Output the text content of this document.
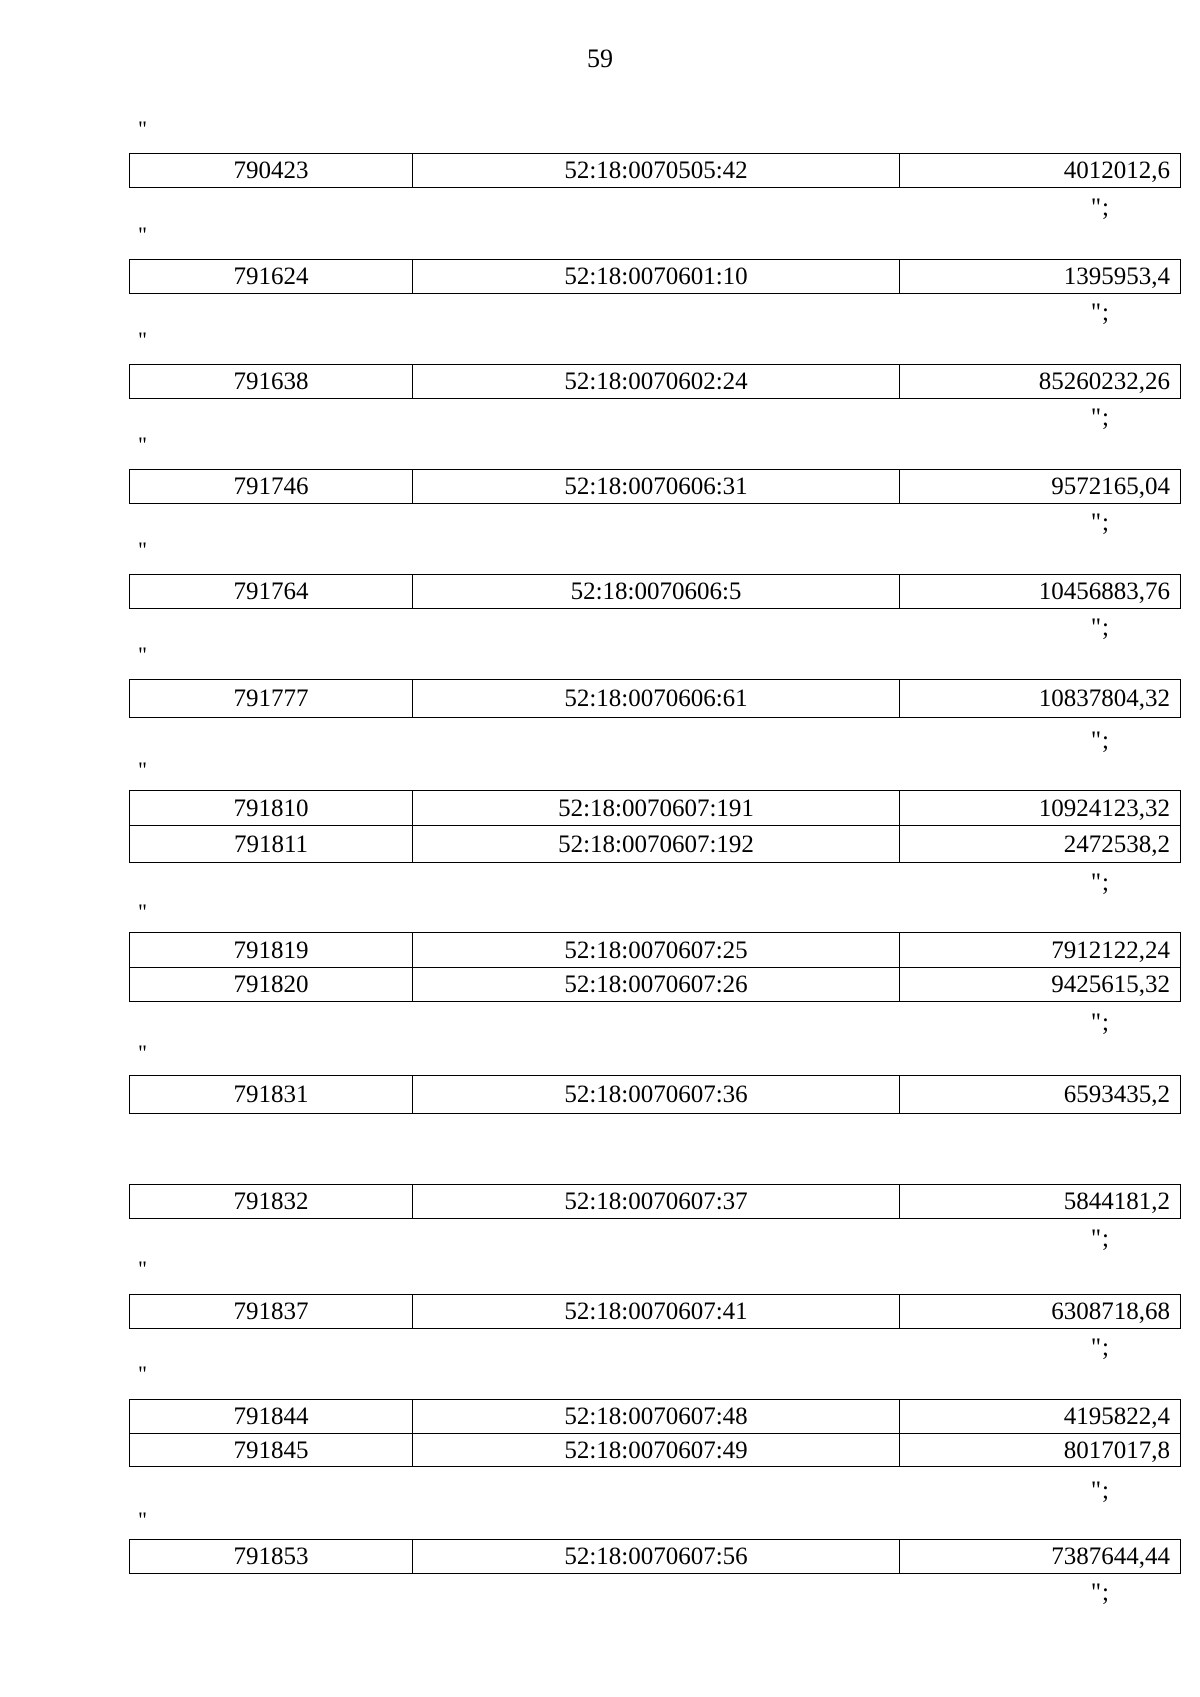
59
"
790423	52:18:0070505:42	4012012,6
";
"
791624	52:18:0070601:10	1395953,4
";
"
791638	52:18:0070602:24	85260232,26
";
"
791746	52:18:0070606:31	9572165,04
";
"
791764	52:18:0070606:5	10456883,76
";
"
791777	52:18:0070606:61	10837804,32
";
"
791810	52:18:0070607:191	10924123,32
791811	52:18:0070607:192	2472538,2
";
"
791819	52:18:0070607:25	7912122,24
791820	52:18:0070607:26	9425615,32
";
"
791831	52:18:0070607:36	6593435,2
791832	52:18:0070607:37	5844181,2
";
"
791837	52:18:0070607:41	6308718,68
";
"
791844	52:18:0070607:48	4195822,4
791845	52:18:0070607:49	8017017,8
";
"
791853	52:18:0070607:56	7387644,44
";
